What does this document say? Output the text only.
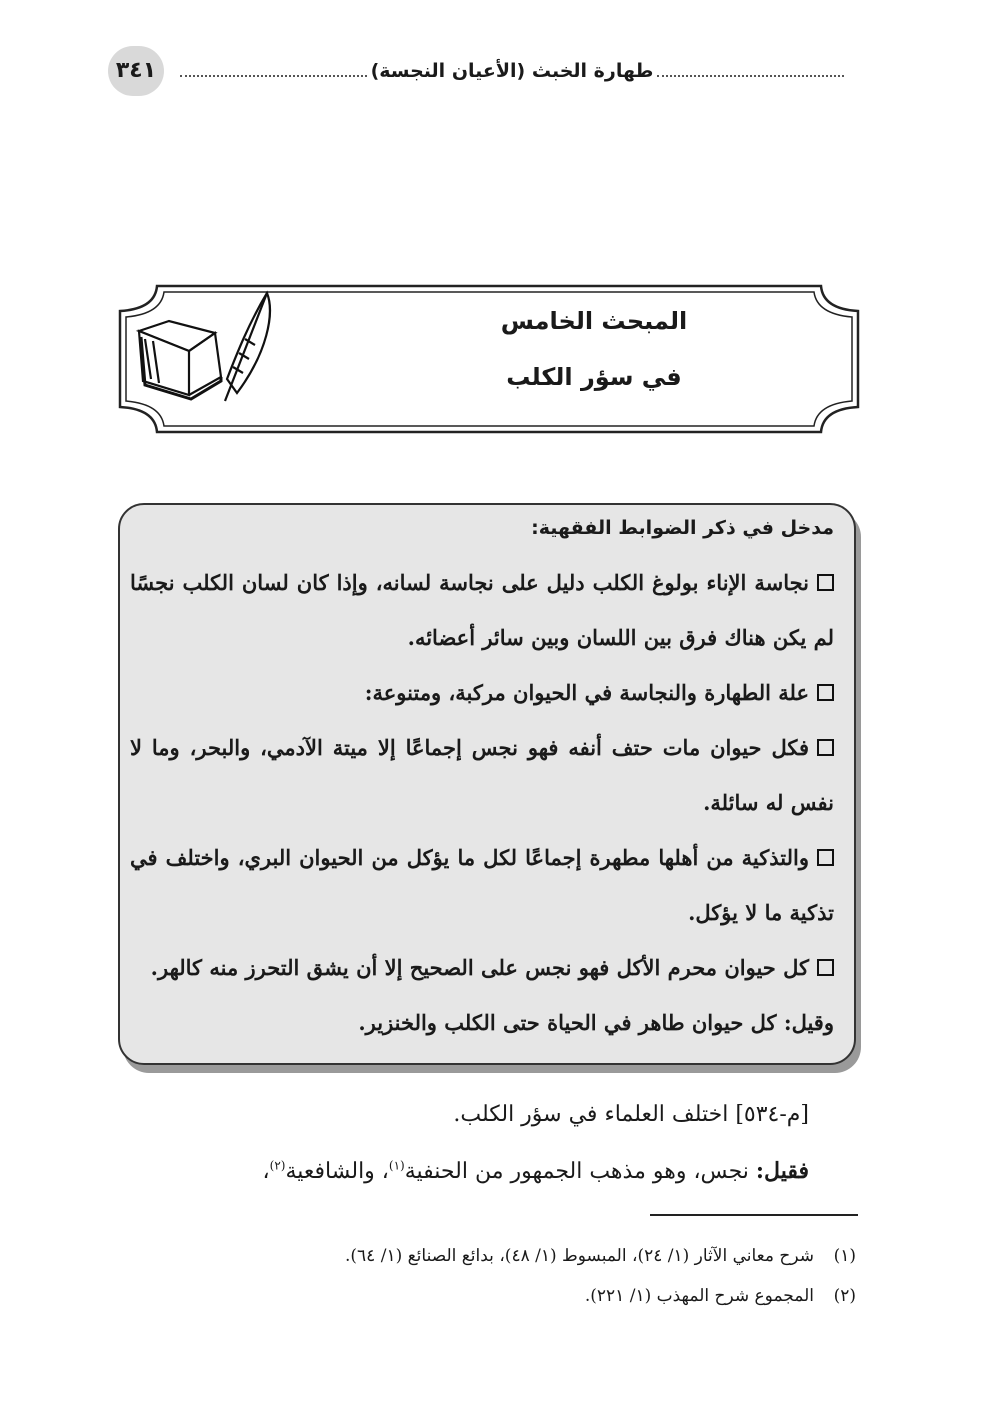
٣٤١	طهارة الخبث (الأعيان النجسة)
المبحث الخامس
في سؤر الكلب
مدخل في ذكر الضوابط الفقهية:
نجاسة الإناء بولوغ الكلب دليل على نجاسة لسانه، وإذا كان لسان الكلب نجسًا لم يكن هناك فرق بين اللسان وبين سائر أعضائه.
علة الطهارة والنجاسة في الحيوان مركبة، ومتنوعة:
فكل حيوان مات حتف أنفه فهو نجس إجماعًا إلا ميتة الآدمي، والبحر، وما لا نفس له سائلة.
والتذكية من أهلها مطهرة إجماعًا لكل ما يؤكل من الحيوان البري، واختلف في تذكية ما لا يؤكل.
كل حيوان محرم الأكل فهو نجس على الصحيح إلا أن يشق التحرز منه كالهر.
وقيل: كل حيوان طاهر في الحياة حتى الكلب والخنزير.
[م-٥٣٤] اختلف العلماء في سؤر الكلب.
فقيل: نجس، وهو مذهب الجمهور من الحنفية$^{(١)}$، والشافعية$^{(٢)}$،
(١)شرح معاني الآثار (١/ ٢٤)، المبسوط (١/ ٤٨)، بدائع الصنائع (١/ ٦٤).
(٢)المجموع شرح المهذب (١/ ٢٢١).
